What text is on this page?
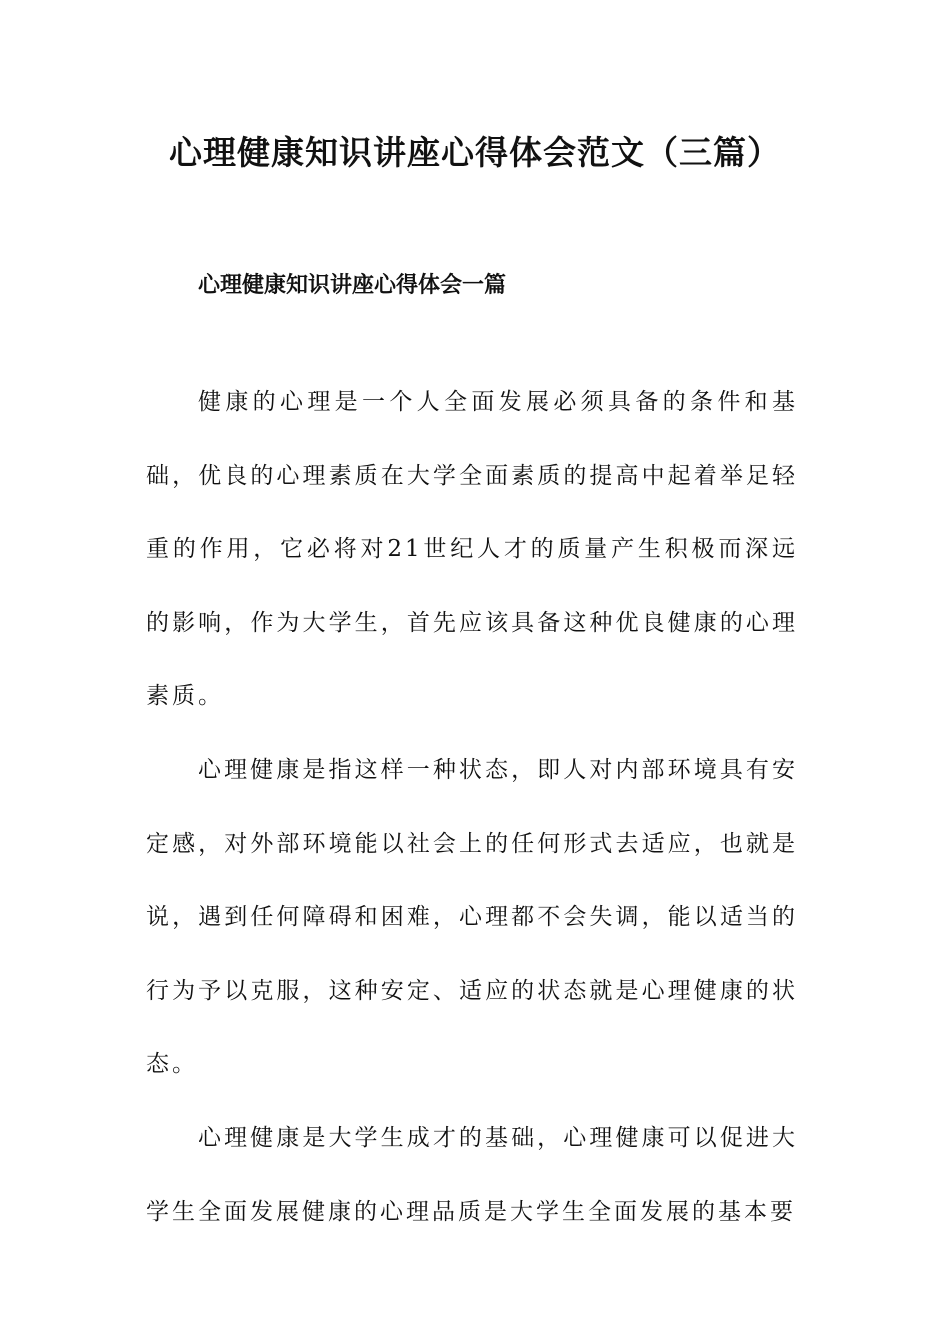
心理健康知识讲座心得体会范文（三篇）
心理健康知识讲座心得体会一篇

健康的心理是一个人全面发展必须具备的条件和基础，优良的心理素质在大学全面素质的提高中起着举足轻重的作用，它必将对21世纪人才的质量产生积极而深远的影响，作为大学生，首先应该具备这种优良健康的心理素质。

心理健康是指这样一种状态，即人对内部环境具有安定感，对外部环境能以社会上的任何形式去适应，也就是说，遇到任何障碍和困难，心理都不会失调，能以适当的行为予以克服，这种安定、适应的状态就是心理健康的状态。

心理健康是大学生成才的基础，心理健康可以促进大学生全面发展健康的心理品质是大学生全面发展的基本要
